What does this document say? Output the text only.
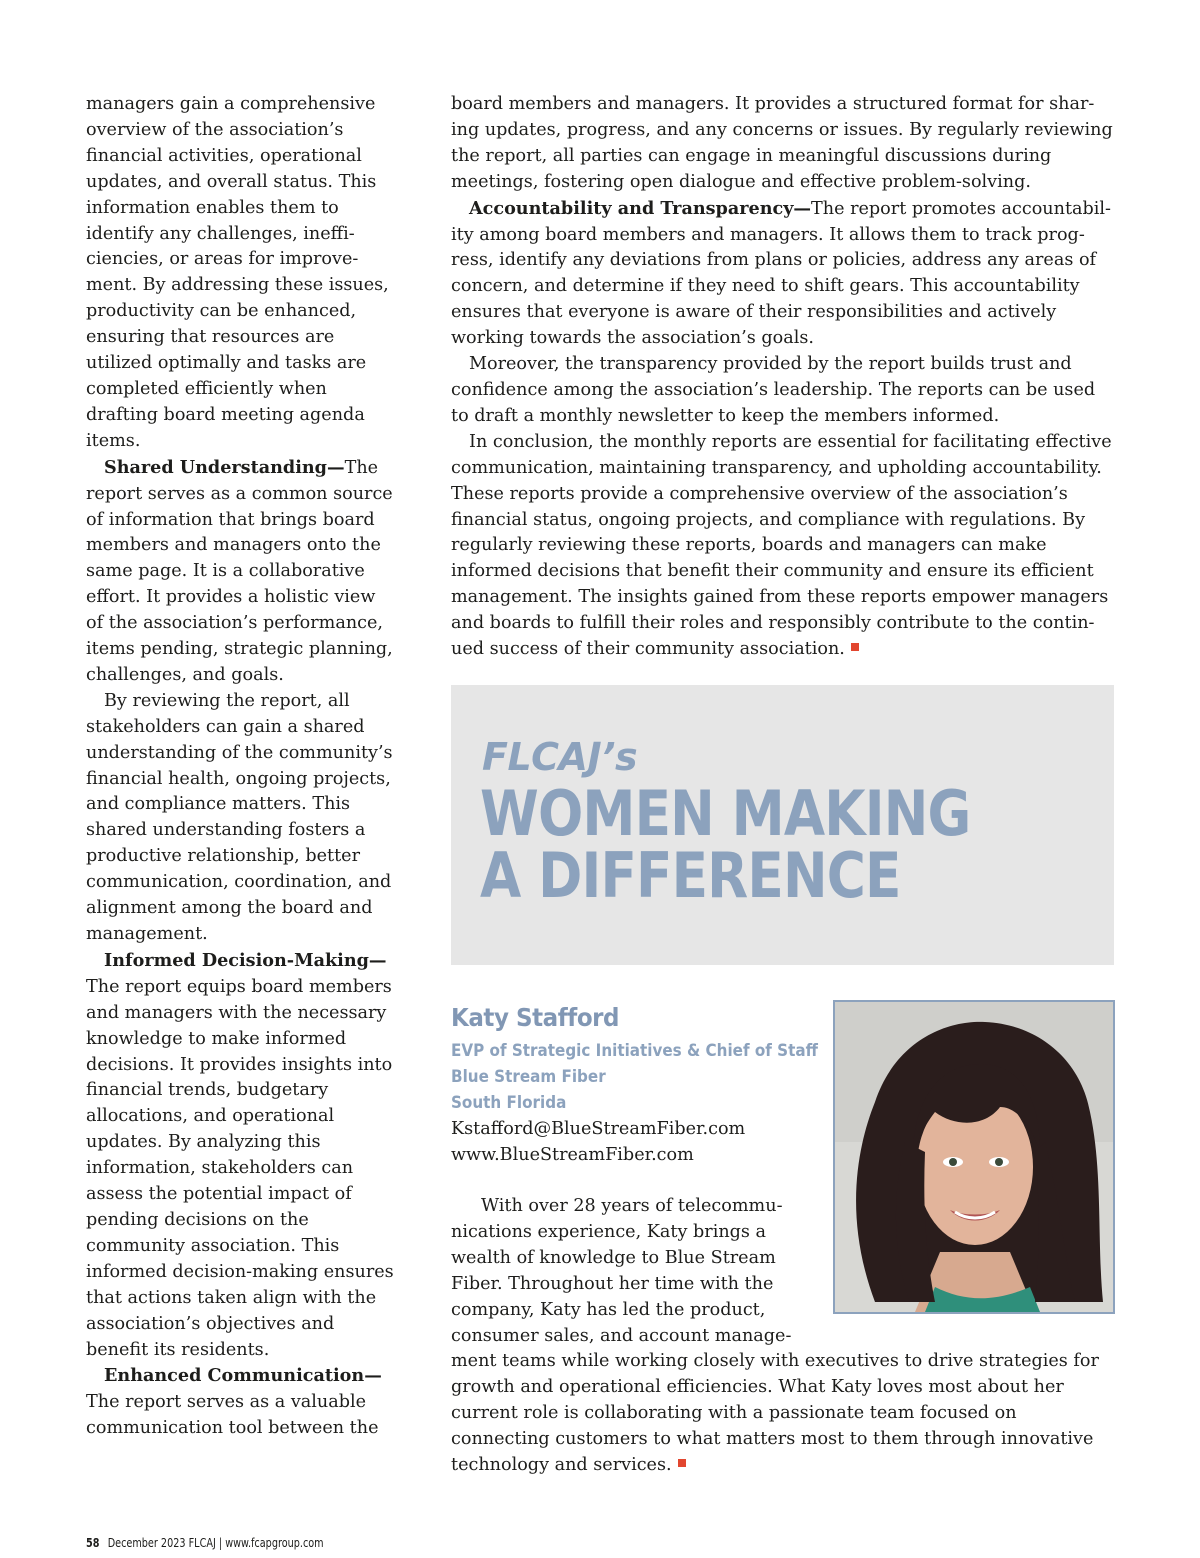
managers gain a comprehensive overview of the association’s financial activities, operational updates, and overall status. This information enables them to identify any challenges, inefficiencies, or areas for improvement. By addressing these issues, productivity can be enhanced, ensuring that resources are utilized optimally and tasks are completed efficiently when drafting board meeting agenda items.

Shared Understanding—The report serves as a common source of information that brings board members and managers onto the same page. It is a collaborative effort. It provides a holistic view of the association’s performance, items pending, strategic planning, challenges, and goals.

By reviewing the report, all stakeholders can gain a shared understanding of the community’s financial health, ongoing projects, and compliance matters. This shared understanding fosters a productive relationship, better communication, coordination, and alignment among the board and management.

Informed Decision-Making— The report equips board members and managers with the necessary knowledge to make informed decisions. It provides insights into financial trends, budgetary allocations, and operational updates. By analyzing this information, stakeholders can assess the potential impact of pending decisions on the community association. This informed decision-making ensures that actions taken align with the association’s objectives and benefit its residents.

Enhanced Communication— The report serves as a valuable communication tool between the

board members and managers. It provides a structured format for sharing updates, progress, and any concerns or issues. By regularly reviewing the report, all parties can engage in meaningful discussions during meetings, fostering open dialogue and effective problem-solving.

Accountability and Transparency—The report promotes accountability among board members and managers. It allows them to track progress, identify any deviations from plans or policies, address any areas of concern, and determine if they need to shift gears. This accountability ensures that everyone is aware of their responsibilities and actively working towards the association’s goals.

Moreover, the transparency provided by the report builds trust and confidence among the association’s leadership. The reports can be used to draft a monthly newsletter to keep the members informed.

In conclusion, the monthly reports are essential for facilitating effective communication, maintaining transparency, and upholding accountability. These reports provide a comprehensive overview of the association’s financial status, ongoing projects, and compliance with regulations. By regularly reviewing these reports, boards and managers can make informed decisions that benefit their community and ensure its efficient management. The insights gained from these reports empower managers and boards to fulfill their roles and responsibly contribute to the continued success of their community association.

FLCAJ’s
WOMEN MAKING
A DIFFERENCE
Katy Stafford
EVP of Strategic Initiatives & Chief of Staff
Blue Stream Fiber
South Florida
Kstafford@BlueStreamFiber.com
www.BlueStreamFiber.com

With over 28 years of telecommunications experience, Katy brings a wealth of knowledge to Blue Stream Fiber. Throughout her time with the company, Katy has led the product, consumer sales, and account management teams while working closely with executives to drive strategies for growth and operational efficiencies. What Katy loves most about her current role is collaborating with a passionate team focused on connecting customers to what matters most to them through innovative technology and services.

58 December 2023 FLCAJ | www.fcapgroup.com
